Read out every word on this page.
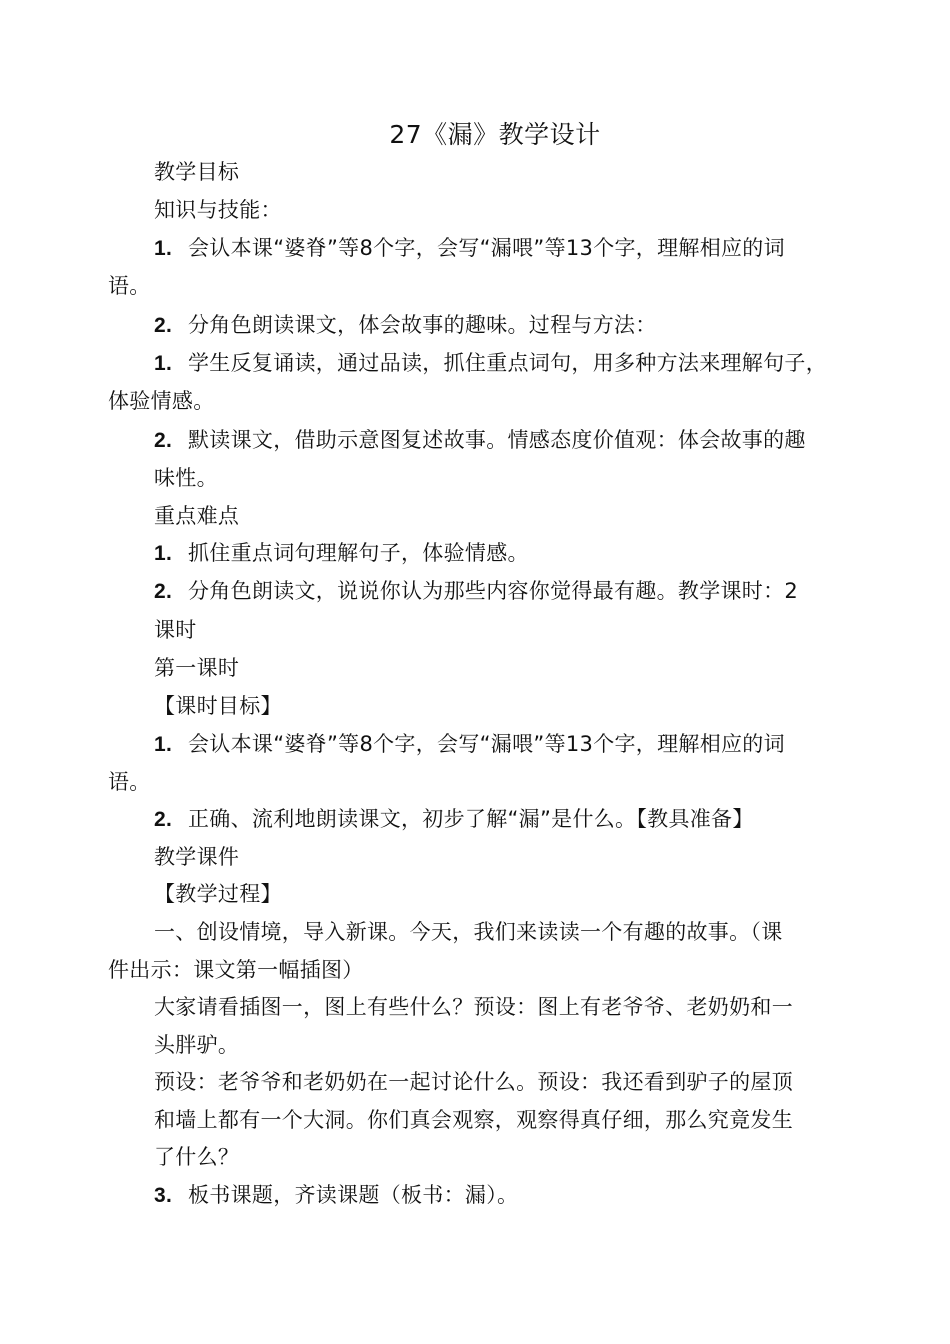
27《漏》教学设计
教学目标
知识与技能：
1. 会认本课“婆脊”等8个字，会写“漏喂”等13个字，理解相应的词
语。
2. 分角色朗读课文，体会故事的趣味。过程与方法：
1. 学生反复诵读，通过品读，抓住重点词句，用多种方法来理解句子，
体验情感。
2. 默读课文，借助示意图复述故事。情感态度价值观：体会故事的趣
味性。
重点难点
1. 抓住重点词句理解句子，体验情感。
2. 分角色朗读文，说说你认为那些内容你觉得最有趣。教学课时：2
课时
第一课时
【课时目标】
1. 会认本课“婆脊”等8个字，会写“漏喂”等13个字，理解相应的词
语。
2. 正确、流利地朗读课文，初步了解“漏”是什么。【教具准备】
教学课件
【教学过程】
一、创设情境，导入新课。今天，我们来读读一个有趣的故事。（课
件出示：课文第一幅插图）
大家请看插图一，图上有些什么？预设：图上有老爷爷、老奶奶和一
头胖驴。
预设：老爷爷和老奶奶在一起讨论什么。预设：我还看到驴子的屋顶
和墙上都有一个大洞。你们真会观察，观察得真仔细，那么究竟发生
了什么？
3. 板书课题，齐读课题（板书：漏）。
